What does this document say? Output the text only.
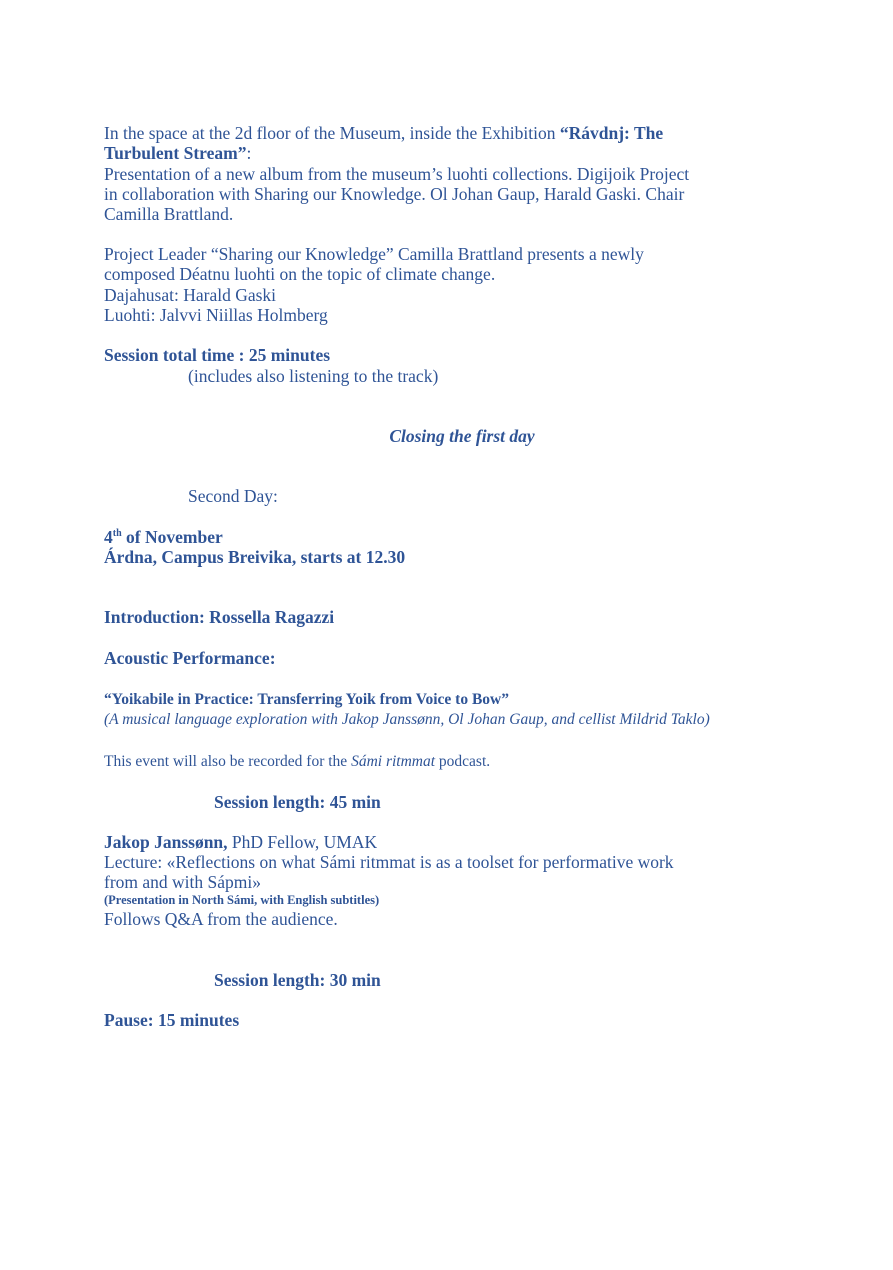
In the space at the 2d floor of the Museum, inside the Exhibition “Rávdnj: The
Turbulent Stream”:
Presentation of a new album from the museum’s luohti collections. Digijoik Project
in collaboration with Sharing our Knowledge. Ol Johan Gaup, Harald Gaski. Chair
Camilla Brattland.
Project Leader “Sharing our Knowledge” Camilla Brattland presents a newly
composed Déatnu luohti on the topic of climate change.
Dajahusat: Harald Gaski
Luohti: Jalvvi Niillas Holmberg
Session total time : 25 minutes
(includes also listening to the track)
Closing the first day
Second Day:
4th of November
Árdna, Campus Breivika, starts at 12.30
Introduction: Rossella Ragazzi
Acoustic Performance:
“Yoikabile in Practice: Transferring Yoik from Voice to Bow”
(A musical language exploration with Jakop Janssønn, Ol Johan Gaup, and cellist Mildrid Taklo)
This event will also be recorded for the Sámi ritmmat podcast.
Session length: 45 min
Jakop Janssønn, PhD Fellow, UMAK
Lecture: «Reflections on what Sámi ritmmat is as a toolset for performative work
from and with Sápmi»
(Presentation in North Sámi, with English subtitles)
Follows Q&A from the audience.
Session length: 30 min
Pause: 15 minutes
